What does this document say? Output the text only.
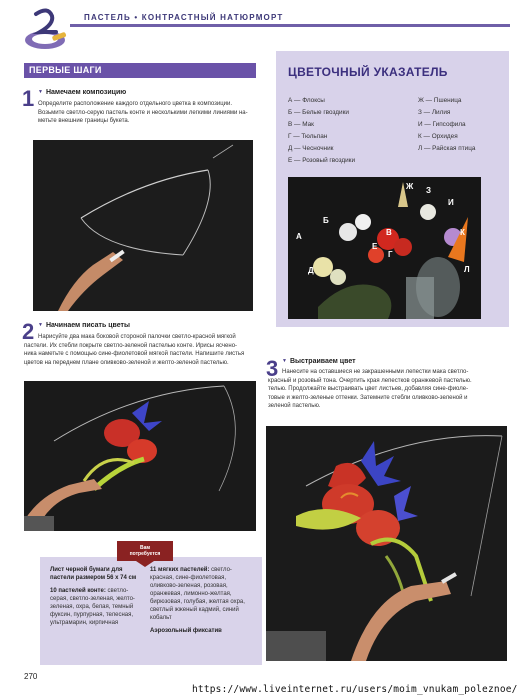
ПАСТЕЛЬ • КОНТРАСТНЫЙ НАТЮРМОРТ
ПЕРВЫЕ ШАГИ
1	▼ Намечаем композицию
Определите расположение каждого отдельного цветка в композиции.
Возьмите светло-серую пастель конте и несколькими легкими линиями на-
метьте внешние границы букета.
2	▼ Начинаем писать цветы
Нарисуйте два мака боковой стороной палочки светло-красной мягкой
пастели. Их стебли покрыте светло-зеленой пастелью конте. Ирисы ясчено-
ника наметьте с помощью сине-фиолетовой мягкой пастели. Напишите листья
цветов на переднем плане оливково-зеленой и желто-зеленой пастелью.
ЦВЕТОЧНЫЙ УКАЗАТЕЛЬ
А — Флоксы
Б — Белые гвоздики
В — Мак
Г — Тюльпан
Д — Чесночник
Е — Розовый гвоздики
Ж — Пшеница
З — Лилия
И — Гипсофила
К — Орхидея
Л — Райская птица
А
Б
В
Г
Д
Е
Ж З
И
К
Л
3	▼ Выстраиваем цвет
Нанесите на оставшиеся не закрашенными лепестки мака светло-
красный и розовый тона. Очертить края лепестков оранжевой пастелью.
телью. Продолжайте выстраивать цвет листьев, добавляя сине-фиоле-
товые и желто-зеленые оттенки. Затемните стебли оливково-зеленой и
зеленой пастелью.
Вам
потребуется

Лист черной бумаги для пастели размером 56 х 74 см

10 пастелей конте: светло-серая, светло-зеленая, желто-зеленая, охра, белая, темный фуксин, пурпурная, телесная, ультрамарин, кирпичная

11 мягких пастелей: светло-красная, сине-фиолетовая, оливково-зеленая, розовая, оранжевая, лимонно-желтая, бирюзовая, голубая, желтая охра, светлый жженый кадмий, синий кобальт

Аэрозольный фиксатив

270
https://www.liveinternet.ru/users/moim_vnukam_poleznoe/
